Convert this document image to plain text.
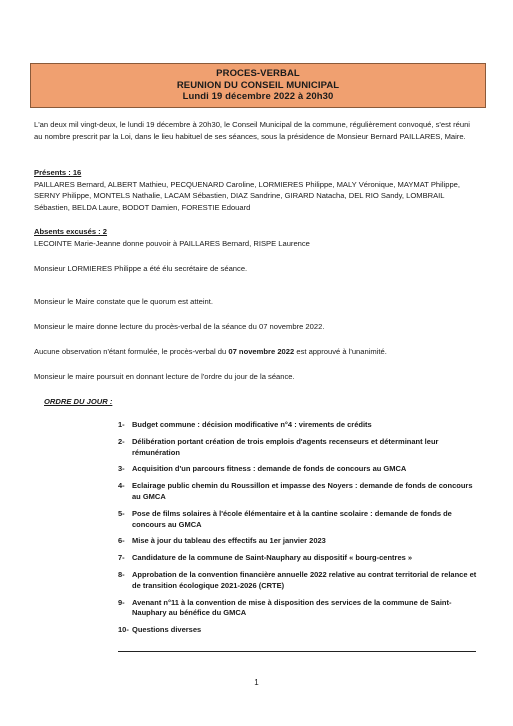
PROCES-VERBAL
REUNION DU CONSEIL MUNICIPAL
Lundi 19 décembre 2022 à 20h30
L'an deux mil vingt-deux, le lundi 19 décembre à 20h30, le Conseil Municipal de la commune, régulièrement convoqué, s'est réuni au nombre prescrit par la Loi, dans le lieu habituel de ses séances, sous la présidence de Monsieur Bernard PAILLARES, Maire.
Présents : 16
PAILLARES Bernard, ALBERT Mathieu, PECQUENARD Caroline, LORMIERES Philippe, MALY Véronique, MAYMAT Philippe, SERNY Philippe, MONTELS Nathalie, LACAM Sébastien, DIAZ Sandrine, GIRARD Natacha, DEL RIO Sandy, LOMBRAIL Sébastien, BELDA Laure, BODOT Damien, FORESTIE Edouard
Absents excusés : 2
LECOINTE Marie-Jeanne donne pouvoir à PAILLARES Bernard, RISPE Laurence
Monsieur LORMIERES Philippe a été élu secrétaire de séance.
Monsieur le Maire constate que le quorum est atteint.
Monsieur le maire donne lecture du procès-verbal de la séance du 07 novembre 2022.
Aucune observation n'étant formulée, le procès-verbal du 07 novembre 2022 est approuvé à l'unanimité.
Monsieur le maire poursuit en donnant lecture de l'ordre du jour de la séance.
ORDRE DU JOUR :
1- Budget commune : décision modificative n°4 : virements de crédits
2- Délibération portant création de trois emplois d'agents recenseurs et déterminant leur rémunération
3- Acquisition d'un parcours fitness : demande de fonds de concours au GMCA
4- Eclairage public chemin du Roussillon et impasse des Noyers : demande de fonds de concours au GMCA
5- Pose de films solaires à l'école élémentaire et à la cantine scolaire : demande de fonds de concours au GMCA
6- Mise à jour du tableau des effectifs au 1er janvier 2023
7- Candidature de la commune de Saint-Nauphary au dispositif « bourg-centres »
8- Approbation de la convention financière annuelle 2022 relative au contrat territorial de relance et de transition écologique 2021-2026 (CRTE)
9- Avenant n°11 à la convention de mise à disposition des services de la commune de Saint-Nauphary au bénéfice du GMCA
10- Questions diverses
1
